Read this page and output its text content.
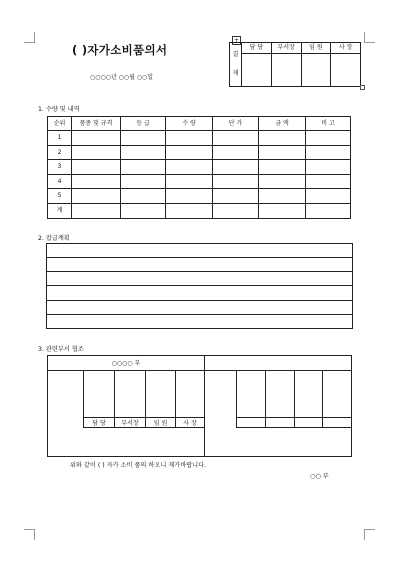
( )자가소비품의서
○○○○년 ○○월 ○○일
+
결

재	담 당	부서장	임 원	사 장

1. 수량 및 내역
순위	품종 및 규격	등 급	수 량	단 가	금 액	비 고
1						
2						
3						
4						
5						
계						
2. 잡급계획
3. 관련부서 협조
○○○○ 부
담 당	부서장	임 원	사 장
위와 같이 ( ) 자가 소비 품의 하오니 재가바랍니다.
○○ 부
